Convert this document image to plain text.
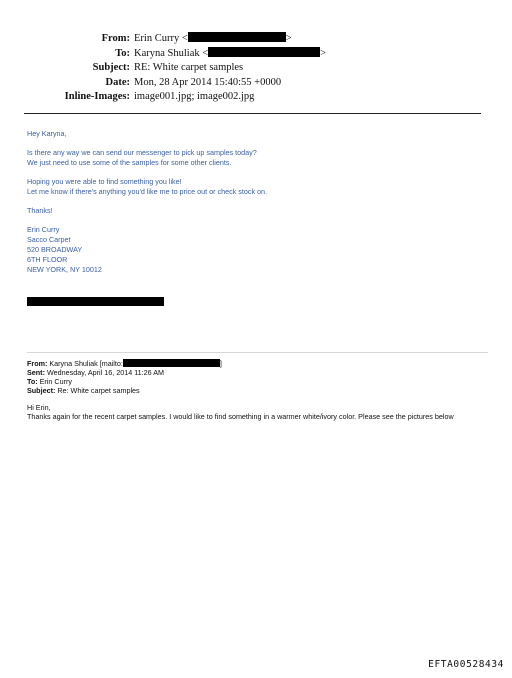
From: Erin Curry <	>
To: Karyna Shuliak <	>
Subject: RE: White carpet samples
Date: Mon, 28 Apr 2014 15:40:55 +0000
Inline-Images: image001.jpg; image002.jpg

Hey Karyna,

Is there any way we can send our messenger to pick up samples today?

We just need to use some of the samples for some other clients.

Hoping you were able to find something you like!

Let me know if there's anything you'd like me to price out or check stock on.

Thanks!

Erin Curry

Sacco Carpet

520 BROADWAY

6TH FLOOR

NEW YORK, NY 10012

From: Karyna Shuliak [mailto:	]

Sent: Wednesday, April 16, 2014 11:26 AM

To: Erin Curry

Subject: Re: White carpet samples

Hi Erin,

Thanks again for the recent carpet samples. I would like to find something in a warmer white/ivory color. Please see the pictures below

EFTA00528434
